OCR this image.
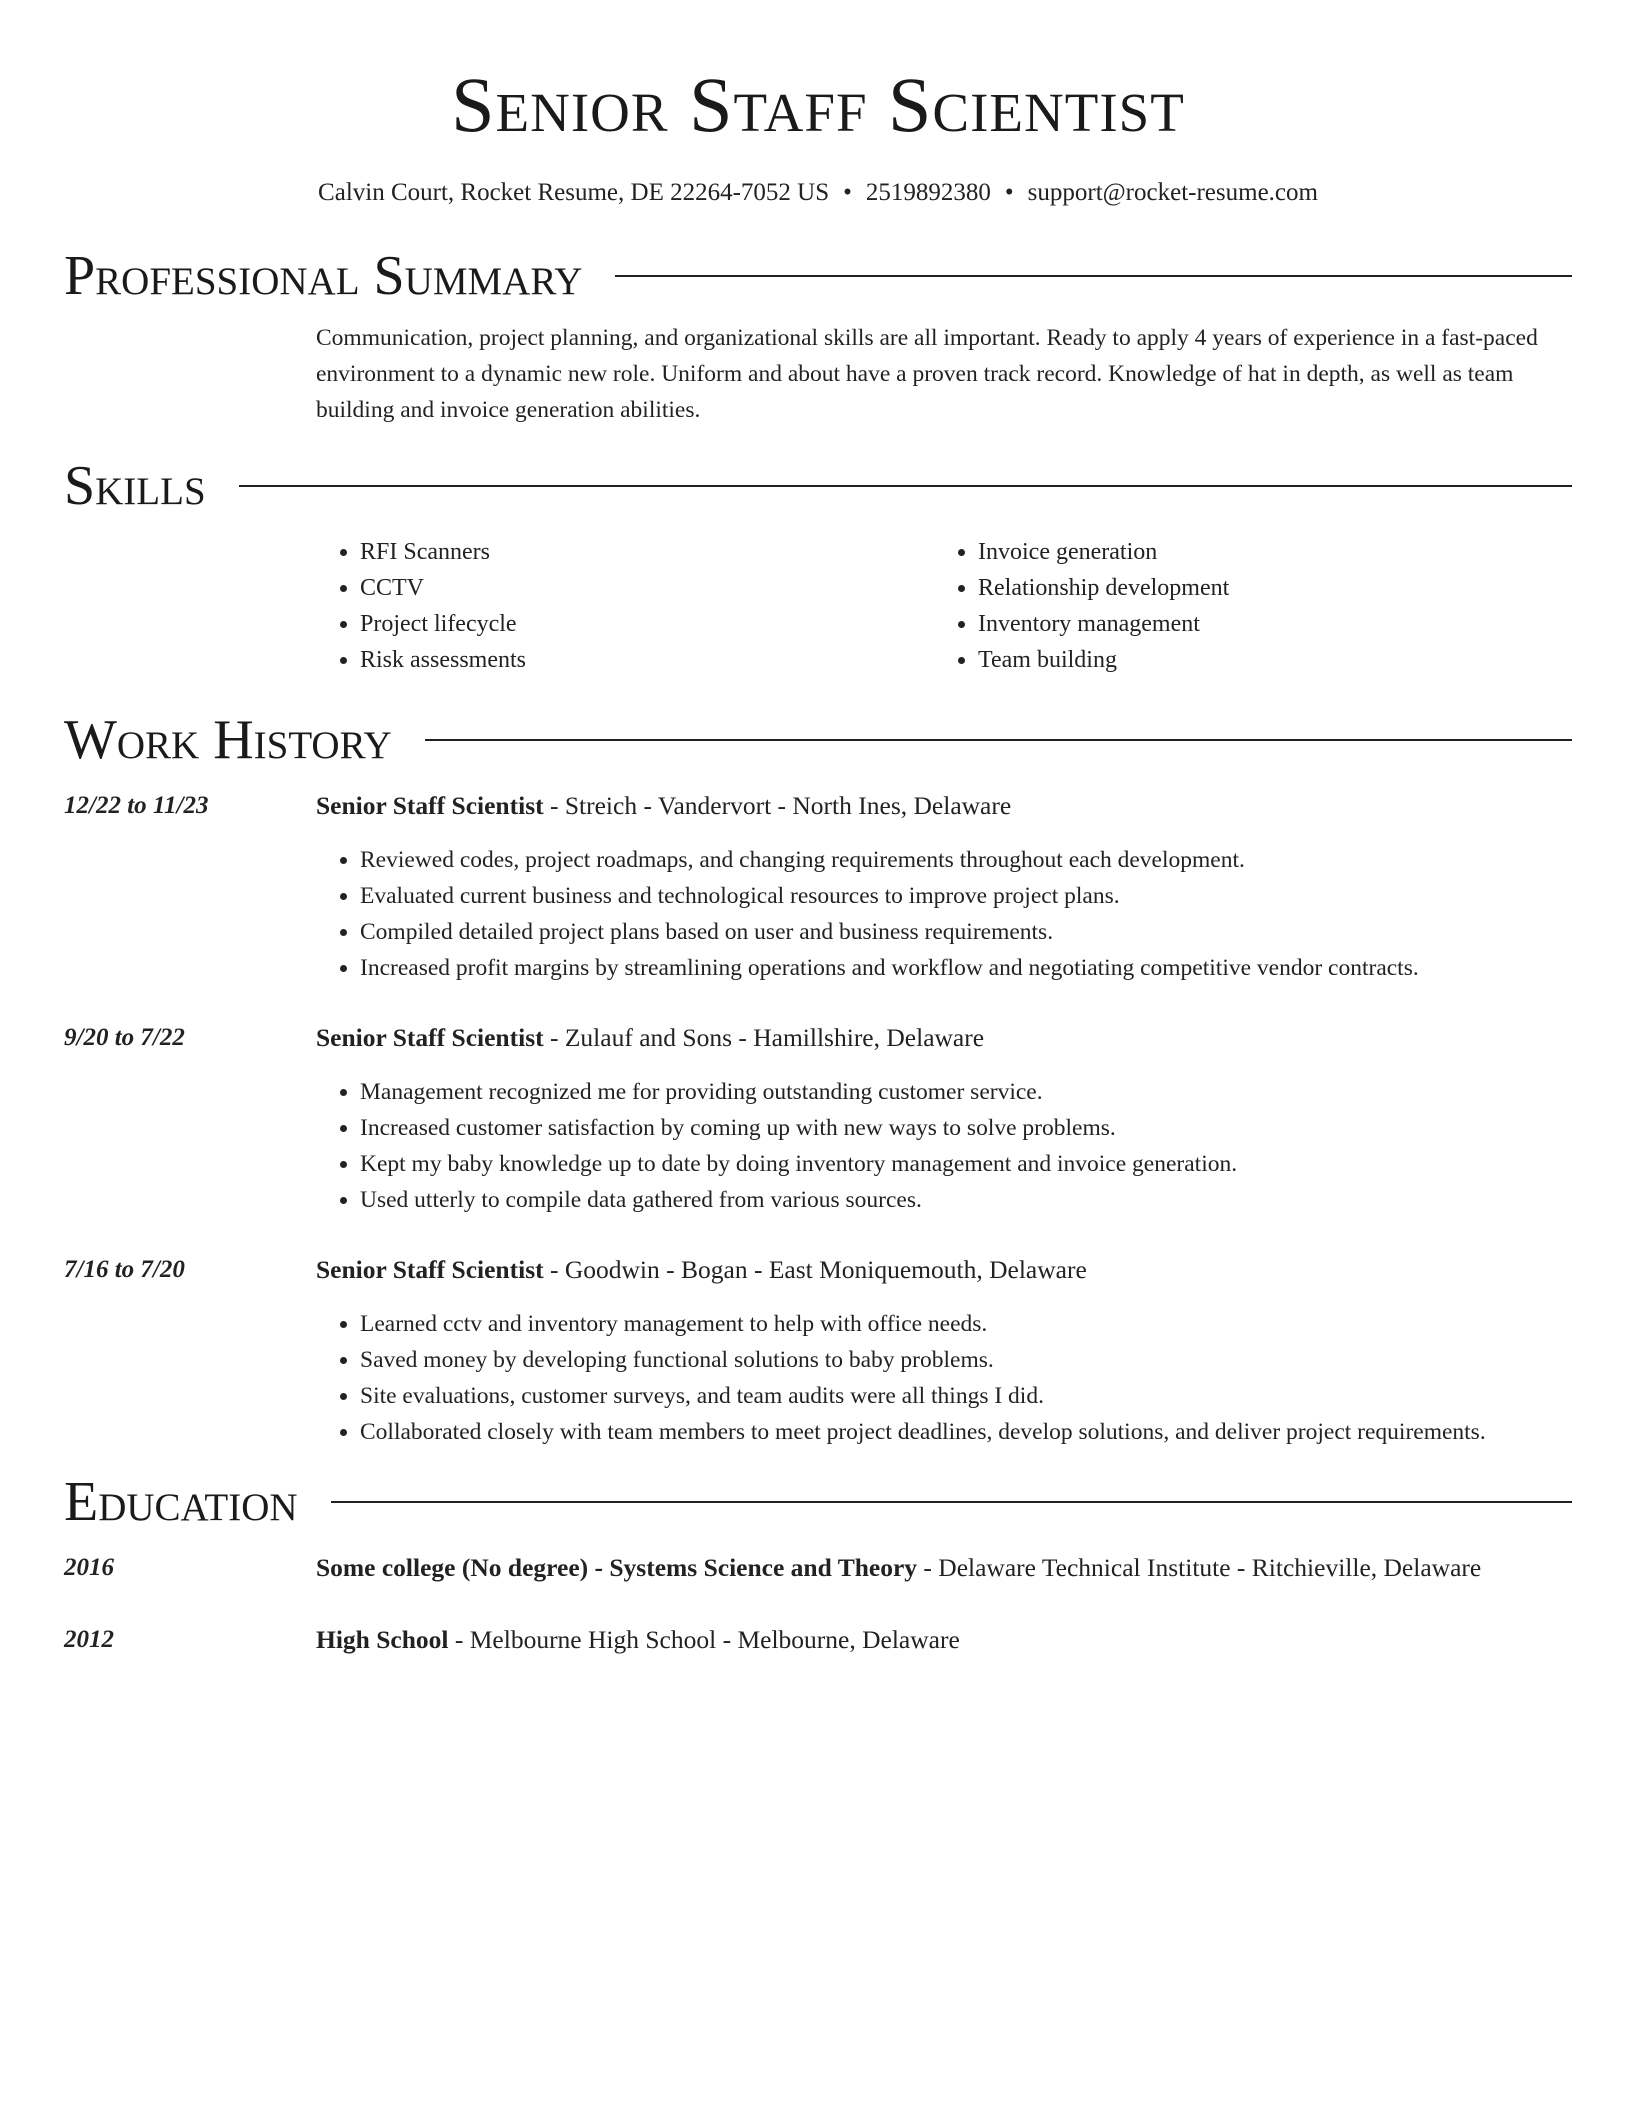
Senior Staff Scientist
Calvin Court, Rocket Resume, DE 22264-7052 US • 2519892380 • support@rocket-resume.com
Professional Summary

Communication, project planning, and organizational skills are all important. Ready to apply 4 years of experience in a fast-paced environment to a dynamic new role. Uniform and about have a proven track record. Knowledge of hat in depth, as well as team building and invoice generation abilities.

Skills
• RFI Scanners
• CCTV
• Project lifecycle
• Risk assessments
• Invoice generation
• Relationship development
• Inventory management
• Team building
Work History
12/22 to 11/23	Senior Staff Scientist - Streich - Vandervort - North Ines, Delaware
• Reviewed codes, project roadmaps, and changing requirements throughout each development.
• Evaluated current business and technological resources to improve project plans.
• Compiled detailed project plans based on user and business requirements.
• Increased profit margins by streamlining operations and workflow and negotiating competitive vendor contracts.
9/20 to 7/22	Senior Staff Scientist - Zulauf and Sons - Hamillshire, Delaware
• Management recognized me for providing outstanding customer service.
• Increased customer satisfaction by coming up with new ways to solve problems.
• Kept my baby knowledge up to date by doing inventory management and invoice generation.
• Used utterly to compile data gathered from various sources.
7/16 to 7/20	Senior Staff Scientist - Goodwin - Bogan - East Moniquemouth, Delaware
• Learned cctv and inventory management to help with office needs.
• Saved money by developing functional solutions to baby problems.
• Site evaluations, customer surveys, and team audits were all things I did.
• Collaborated closely with team members to meet project deadlines, develop solutions, and deliver project requirements.
Education
2016	Some college (No degree) - Systems Science and Theory - Delaware Technical Institute - Ritchieville, Delaware
2012	High School - Melbourne High School - Melbourne, Delaware
